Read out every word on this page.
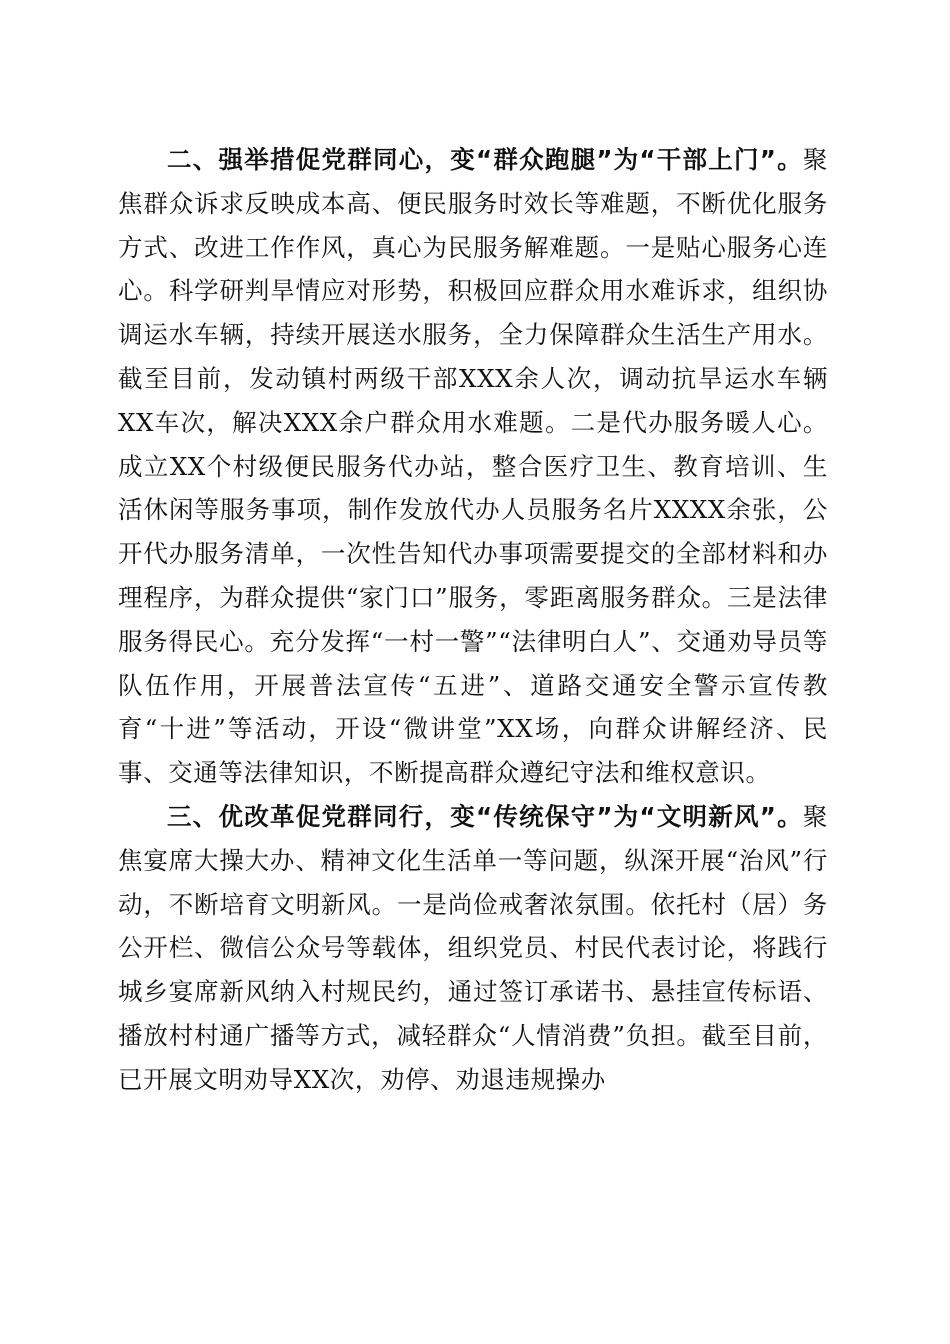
二、强举措促党群同心，变“群众跑腿”为“干部上门”。聚焦群众诉求反映成本高、便民服务时效长等难题，不断优化服务方式、改进工作作风，真心为民服务解难题。一是贴心服务心连心。科学研判旱情应对形势，积极回应群众用水难诉求，组织协调运水车辆，持续开展送水服务，全力保障群众生活生产用水。截至目前，发动镇村两级干部XXX余人次，调动抗旱运水车辆XX车次，解决XXX余户群众用水难题。二是代办服务暖人心。成立XX个村级便民服务代办站，整合医疗卫生、教育培训、生活休闲等服务事项，制作发放代办人员服务名片XXXX余张，公开代办服务清单，一次性告知代办事项需要提交的全部材料和办理程序，为群众提供“家门口”服务，零距离服务群众。三是法律服务得民心。充分发挥“一村一警”“法律明白人”、交通劝导员等队伍作用，开展普法宣传“五进”、道路交通安全警示宣传教育“十进”等活动，开设“微讲堂”XX场，向群众讲解经济、民事、交通等法律知识，不断提高群众遵纪守法和维权意识。

三、优改革促党群同行，变“传统保守”为“文明新风”。聚焦宴席大操大办、精神文化生活单一等问题，纵深开展“治风”行动，不断培育文明新风。一是尚俭戒奢浓氛围。依托村（居）务公开栏、微信公众号等载体，组织党员、村民代表讨论，将践行城乡宴席新风纳入村规民约，通过签订承诺书、悬挂宣传标语、播放村村通广播等方式，减轻群众“人情消费”负担。截至目前，已开展文明劝导XX次，劝停、劝退违规操办
